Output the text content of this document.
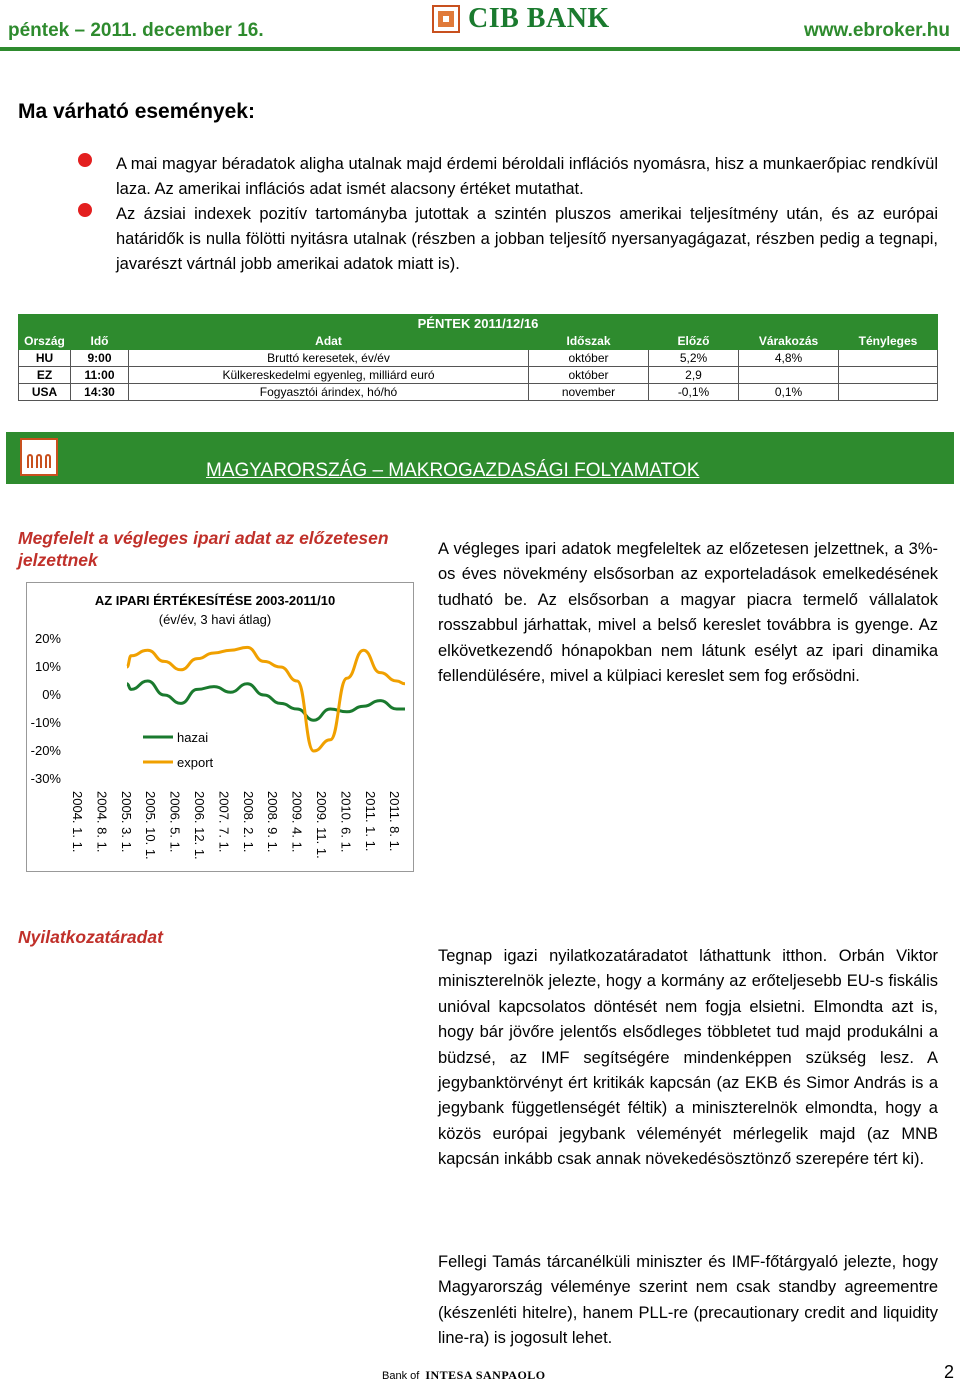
péntek – 2011. december 16.	CIB BANK	www.ebroker.hu
Ma várható események:
A mai magyar béradatok aligha utalnak majd érdemi béroldali inflációs nyomásra, hisz a munkaerőpiac rendkívül laza. Az amerikai inflációs adat ismét alacsony értéket mutathat.
Az ázsiai indexek pozitív tartományba jutottak a szintén pluszos amerikai teljesítmény után, és az európai határidők is nulla fölötti nyitásra utalnak (részben a jobban teljesítő nyersanyagágazat, részben pedig a tegnapi, javarészt vártnál jobb amerikai adatok miatt is).
PÉNTEK 2011/12/16						
Ország	Idő	Adat	Időszak	Előző	Várakozás	Tényleges
HU	9:00	Bruttó keresetek, év/év	október	5,2%	4,8%	
EZ	11:00	Külkereskedelmi egyenleg, milliárd euró	október	2,9		
USA	14:30	Fogyasztói árindex, hó/hó	november	-0,1%	0,1%	
MAGYARORSZÁG – MAKROGAZDASÁGI FOLYAMATOK
Megfelelt a végleges ipari adat az előzetesen jelzettnek
A végleges ipari adatok megfeleltek az előzetesen jelzettnek, a 3%-os éves növekmény elsősorban az exporteladások emelkedésének tudható be. Az elsősorban a magyar piacra termelő vállalatok rosszabbul járhattak, mivel a belső kereslet továbbra is gyenge. Az elkövetkezendő hónapokban nem látunk esélyt az ipari dinamika fellendülésére, mivel a külpiaci kereslet sem fog erősödni.
AZ IPARI ÉRTÉKESÍTÉSE 2003-2011/10
(év/év, 3 havi átlag)
20%
10%
0%
-10%
-20%
-30%
2004. 1. 1. 2004. 8. 1. 2005. 3. 1. 2005. 10. 1. 2006. 5. 1. 2006. 12. 1. 2007. 7. 1. 2008. 2. 1. 2008. 9. 1. 2009. 4. 1. 2009. 11. 1. 2010. 6. 1. 2011. 1. 1. 2011. 8. 1.
hazai
export
Nyilatkozatáradat
Tegnap igazi nyilatkozatáradatot láthattunk itthon. Orbán Viktor miniszterelnök jelezte, hogy a kormány az erőteljesebb EU-s fiskális unióval kapcsolatos döntését nem fogja elsietni. Elmondta azt is, hogy bár jövőre jelentős elsődleges többletet tud majd produkálni a büdzsé, az IMF segítségére mindenképpen szükség lesz. A jegybanktörvényt ért kritikák kapcsán (az EKB és Simor András is a jegybank függetlenségét féltik) a miniszterelnök elmondta, hogy a közös európai jegybank véleményét mérlegelik majd (az MNB kapcsán inkább csak annak növekedésösztönző szerepére tért ki).
Fellegi Tamás tárcanélküli miniszter és IMF-főtárgyaló jelezte, hogy Magyarország véleménye szerint nem csak standby agreementre (készenléti hitelre), hanem PLL-re (precautionary credit and liquidity line-ra) is jogosult lehet.
Bank of INTESA SANPAOLO	2
